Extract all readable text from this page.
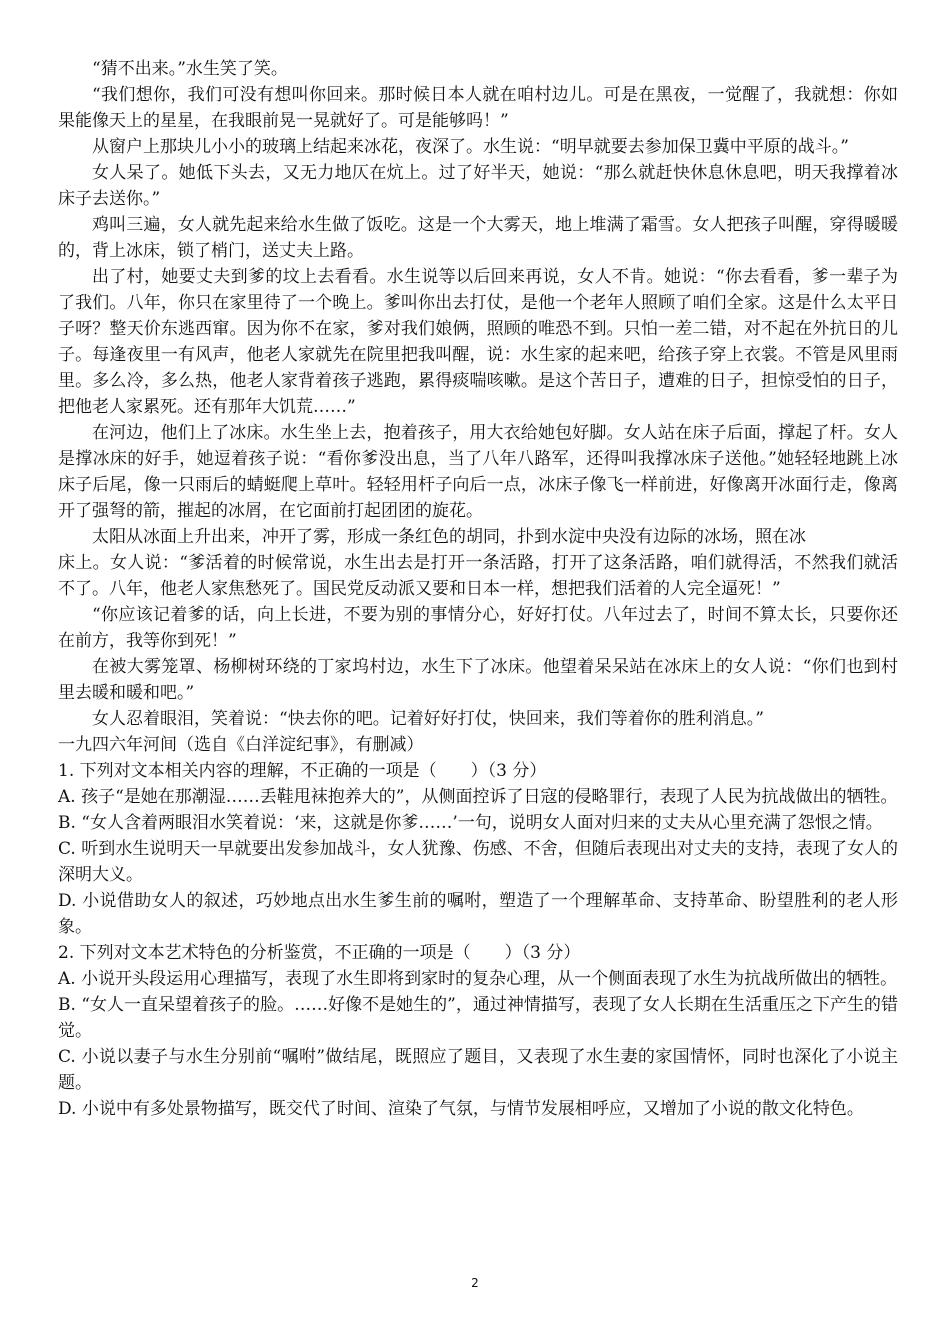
“猜不出来。”水生笑了笑。

“我们想你，我们可没有想叫你回来。那时候日本人就在咱村边儿。可是在黑夜，一觉醒了，我就想：你如果能像天上的星星，在我眼前晃一晃就好了。可是能够吗！”

从窗户上那块儿小小的玻璃上结起来冰花，夜深了。水生说：“明早就要去参加保卫冀中平原的战斗。”

女人呆了。她低下头去，又无力地仄在炕上。过了好半天，她说：“那么就赶快休息休息吧，明天我撑着冰床子去送你。”

鸡叫三遍，女人就先起来给水生做了饭吃。这是一个大雾天，地上堆满了霜雪。女人把孩子叫醒，穿得暖暖的，背上冰床，锁了梢门，送丈夫上路。

出了村，她要丈夫到爹的坟上去看看。水生说等以后回来再说，女人不肯。她说：“你去看看，爹一辈子为了我们。八年，你只在家里待了一个晚上。爹叫你出去打仗，是他一个老年人照顾了咱们全家。这是什么太平日子呀？整天价东逃西窜。因为你不在家，爹对我们娘俩，照顾的唯恐不到。只怕一差二错，对不起在外抗日的儿子。每逢夜里一有风声，他老人家就先在院里把我叫醒，说：水生家的起来吧，给孩子穿上衣裳。不管是风里雨里。多么冷，多么热，他老人家背着孩子逃跑，累得痰喘咳嗽。是这个苦日子，遭难的日子，担惊受怕的日子，把他老人家累死。还有那年大饥荒……”

在河边，他们上了冰床。水生坐上去，抱着孩子，用大衣给她包好脚。女人站在床子后面，撑起了杆。女人是撑冰床的好手，她逗着孩子说：“看你爹没出息，当了八年八路军，还得叫我撑冰床子送他。”她轻轻地跳上冰床子后尾，像一只雨后的蜻蜓爬上草叶。轻轻用杆子向后一点，冰床子像飞一样前进，好像离开冰面行走，像离开了强弩的箭，摧起的冰屑，在它面前打起团团的旋花。

太阳从冰面上升出来，冲开了雾，形成一条红色的胡同，扑到水淀中央没有边际的冰场，照在冰

床上。女人说：“爹活着的时候常说，水生出去是打开一条活路，打开了这条活路，咱们就得活，不然我们就活不了。八年，他老人家焦愁死了。国民党反动派又要和日本一样，想把我们活着的人完全逼死！”

“你应该记着爹的话，向上长进，不要为别的事情分心，好好打仗。八年过去了，时间不算太长，只要你还在前方，我等你到死！”

在被大雾笼罩、杨柳树环绕的丁家坞村边，水生下了冰床。他望着呆呆站在冰床上的女人说：“你们也到村里去暖和暖和吧。”

女人忍着眼泪，笑着说：“快去你的吧。记着好好打仗，快回来，我们等着你的胜利消息。”

一九四六年河间（选自《白洋淀纪事》，有删减）

1. 下列对文本相关内容的理解，不正确的一项是（　　）（3 分）

A. 孩子“是她在那潮湿……丢鞋甩袜抱养大的”，从侧面控诉了日寇的侵略罪行，表现了人民为抗战做出的牺牲。

B. “女人含着两眼泪水笑着说：‘来，这就是你爹……’一句，说明女人面对归来的丈夫从心里充满了怨恨之情。

C. 听到水生说明天一早就要出发参加战斗，女人犹豫、伤感、不舍，但随后表现出对丈夫的支持，表现了女人的深明大义。

D. 小说借助女人的叙述，巧妙地点出水生爹生前的嘱咐，塑造了一个理解革命、支持革命、盼望胜利的老人形象。

2. 下列对文本艺术特色的分析鉴赏，不正确的一项是（　　）（3 分）

A. 小说开头段运用心理描写，表现了水生即将到家时的复杂心理，从一个侧面表现了水生为抗战所做出的牺牲。

B. “女人一直呆望着孩子的脸。……好像不是她生的”，通过神情描写，表现了女人长期在生活重压之下产生的错觉。

C. 小说以妻子与水生分别前“嘱咐”做结尾，既照应了题目，又表现了水生妻的家国情怀，同时也深化了小说主题。

D. 小说中有多处景物描写，既交代了时间、渲染了气氛，与情节发展相呼应，又增加了小说的散文化特色。

2
